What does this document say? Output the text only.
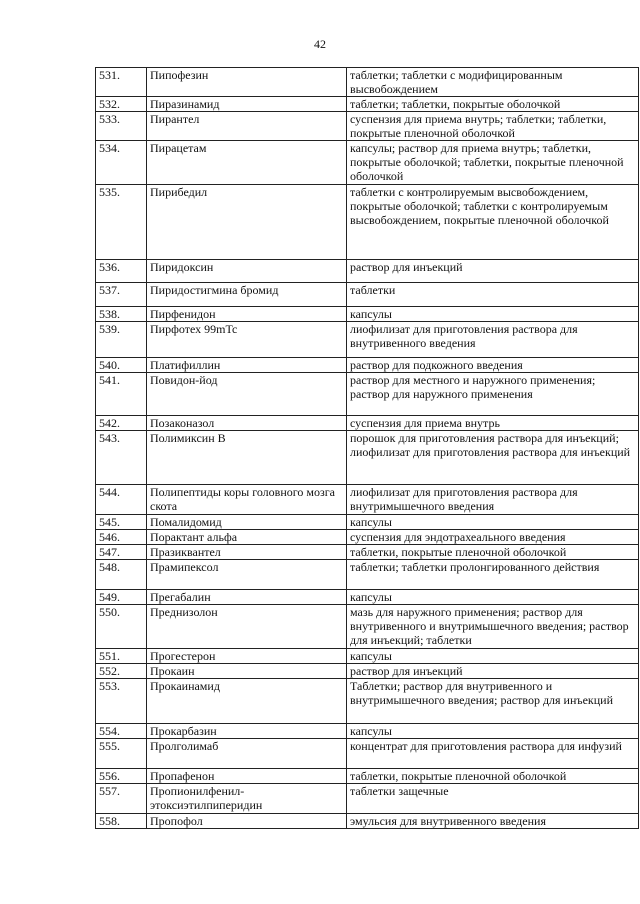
42
531.	Пипофезин	таблетки; таблетки с модифицированным высвобождением
532.	Пиразинамид	таблетки; таблетки, покрытые оболочкой
533.	Пирантел	суспензия для приема внутрь; таблетки; таблетки, покрытые пленочной оболочкой
534.	Пирацетам	капсулы; раствор для приема внутрь; таблетки, покрытые оболочкой; таблетки, покрытые пленочной оболочкой
535.	Пирибедил	таблетки с контролируемым высвобождением, покрытые оболочкой; таблетки с контролируемым высвобождением, покрытые пленочной оболочкой
536.	Пиридоксин	раствор для инъекций
537.	Пиридостигмина бромид	таблетки
538.	Пирфенидон	капсулы
539.	Пирфотех 99mTc	лиофилизат для приготовления раствора для внутривенного введения
540.	Платифиллин	раствор для подкожного введения
541.	Повидон-йод	раствор для местного и наружного применения; раствор для наружного применения
542.	Позаконазол	суспензия для приема внутрь
543.	Полимиксин В	порошок для приготовления раствора для инъекций; лиофилизат для приготовления раствора для инъекций
544.	Полипептиды коры головного мозга скота	лиофилизат для приготовления раствора для внутримышечного введения
545.	Помалидомид	капсулы
546.	Порактант альфа	суспензия для эндотрахеального введения
547.	Празиквантел	таблетки, покрытые пленочной оболочкой
548.	Прамипексол	таблетки; таблетки пролонгированного действия
549.	Прегабалин	капсулы
550.	Преднизолон	мазь для наружного применения; раствор для внутривенного и внутримышечного введения; раствор для инъекций; таблетки
551.	Прогестерон	капсулы
552.	Прокаин	раствор для инъекций
553.	Прокаинамид	Таблетки; раствор для внутривенного и внутримышечного введения; раствор для инъекций
554.	Прокарбазин	капсулы
555.	Пролголимаб	концентрат для приготовления раствора для инфузий
556.	Пропафенон	таблетки, покрытые пленочной оболочкой
557.	Пропионилфенил-этоксиэтилпиперидин	таблетки защечные
558.	Пропофол	эмульсия для внутривенного введения
